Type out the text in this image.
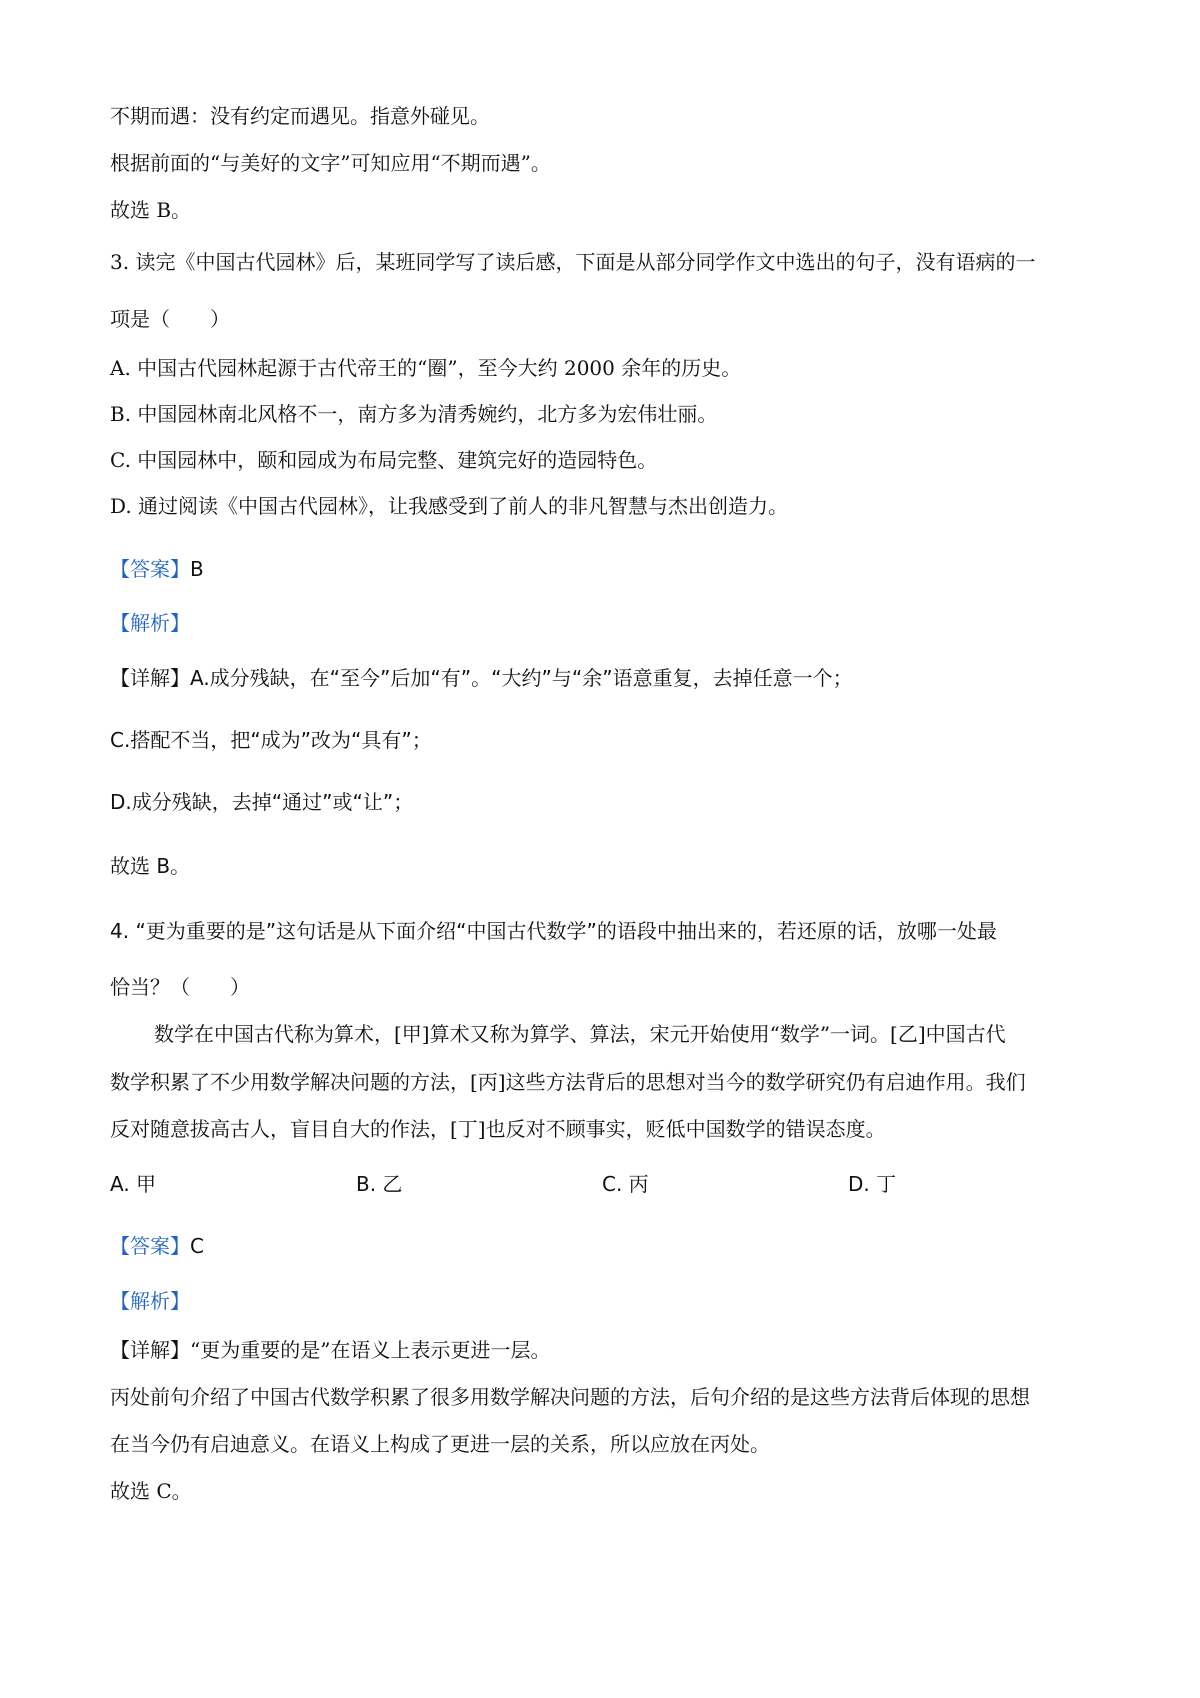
不期而遇：没有约定而遇见。指意外碰见。
根据前面的“与美好的文字”可知应用“不期而遇”。
故选 B。
3. 读完《中国古代园林》后，某班同学写了读后感，下面是从部分同学作文中选出的句子，没有语病的一
项是（　　）
A. 中国古代园林起源于古代帝王的“圈”，至今大约 2000 余年的历史。
B. 中国园林南北风格不一，南方多为清秀婉约，北方多为宏伟壮丽。
C. 中国园林中，颐和园成为布局完整、建筑完好的造园特色。
D. 通过阅读《中国古代园林》，让我感受到了前人的非凡智慧与杰出创造力。
【答案】B
【解析】
【详解】A.成分残缺，在“至今”后加“有”。“大约”与“余”语意重复，去掉任意一个；
C.搭配不当，把“成为”改为“具有”；
D.成分残缺，去掉“通过”或“让”；
故选 B。
4. “更为重要的是”这句话是从下面介绍“中国古代数学”的语段中抽出来的，若还原的话，放哪一处最
恰当？（　　）
数学在中国古代称为算术，[甲]算术又称为算学、算法，宋元开始使用“数学”一词。[乙]中国古代
数学积累了不少用数学解决问题的方法，[丙]这些方法背后的思想对当今的数学研究仍有启迪作用。我们
反对随意拔高古人，盲目自大的作法，[丁]也反对不顾事实，贬低中国数学的错误态度。
A. 甲	B. 乙	C. 丙	D. 丁
【答案】C
【解析】
【详解】“更为重要的是”在语义上表示更进一层。
丙处前句介绍了中国古代数学积累了很多用数学解决问题的方法，后句介绍的是这些方法背后体现的思想
在当今仍有启迪意义。在语义上构成了更进一层的关系，所以应放在丙处。
故选 C。
